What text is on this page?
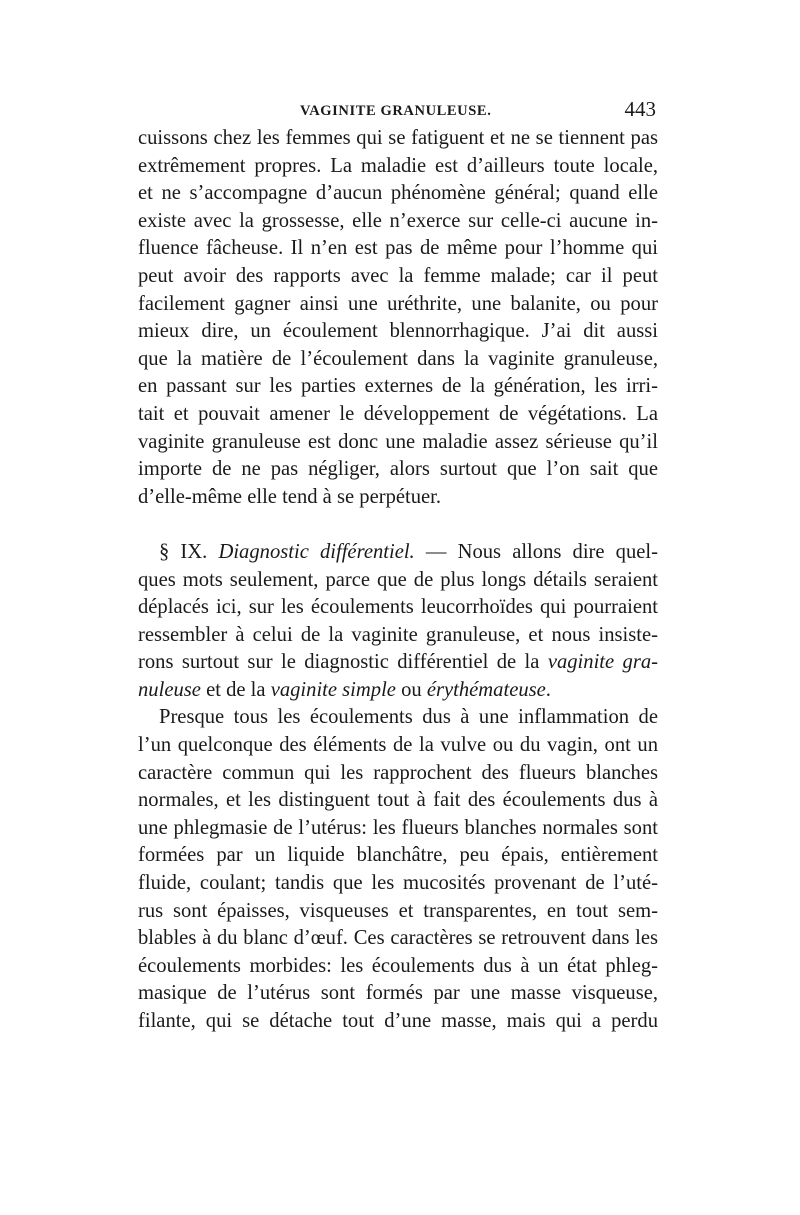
VAGINITE GRANULEUSE.	443
cuissons chez les femmes qui se fatiguent et ne se tiennent pas
extrêmement propres. La maladie est d’ailleurs toute locale,
et ne s’accompagne d’aucun phénomène général; quand elle
existe avec la grossesse, elle n’exerce sur celle-ci aucune in-
fluence fâcheuse. Il n’en est pas de même pour l’homme qui
peut avoir des rapports avec la femme malade; car il peut
facilement gagner ainsi une uréthrite, une balanite, ou pour
mieux dire, un écoulement blennorrhagique. J’ai dit aussi
que la matière de l’écoulement dans la vaginite granuleuse,
en passant sur les parties externes de la génération, les irri-
tait et pouvait amener le développement de végétations. La
vaginite granuleuse est donc une maladie assez sérieuse qu’il
importe de ne pas négliger, alors surtout que l’on sait que
d’elle-même elle tend à se perpétuer.
§ IX. Diagnostic différentiel. — Nous allons dire quel-
ques mots seulement, parce que de plus longs détails seraient
déplacés ici, sur les écoulements leucorrhoïdes qui pourraient
ressembler à celui de la vaginite granuleuse, et nous insiste-
rons surtout sur le diagnostic différentiel de la vaginite gra-
nuleuse et de la vaginite simple ou érythémateuse.
Presque tous les écoulements dus à une inflammation de
l’un quelconque des éléments de la vulve ou du vagin, ont un
caractère commun qui les rapprochent des flueurs blanches
normales, et les distinguent tout à fait des écoulements dus à
une phlegmasie de l’utérus: les flueurs blanches normales sont
formées par un liquide blanchâtre, peu épais, entièrement
fluide, coulant; tandis que les mucosités provenant de l’uté-
rus sont épaisses, visqueuses et transparentes, en tout sem-
blables à du blanc d’œuf. Ces caractères se retrouvent dans les
écoulements morbides: les écoulements dus à un état phleg-
masique de l’utérus sont formés par une masse visqueuse,
filante, qui se détache tout d’une masse, mais qui a perdu
